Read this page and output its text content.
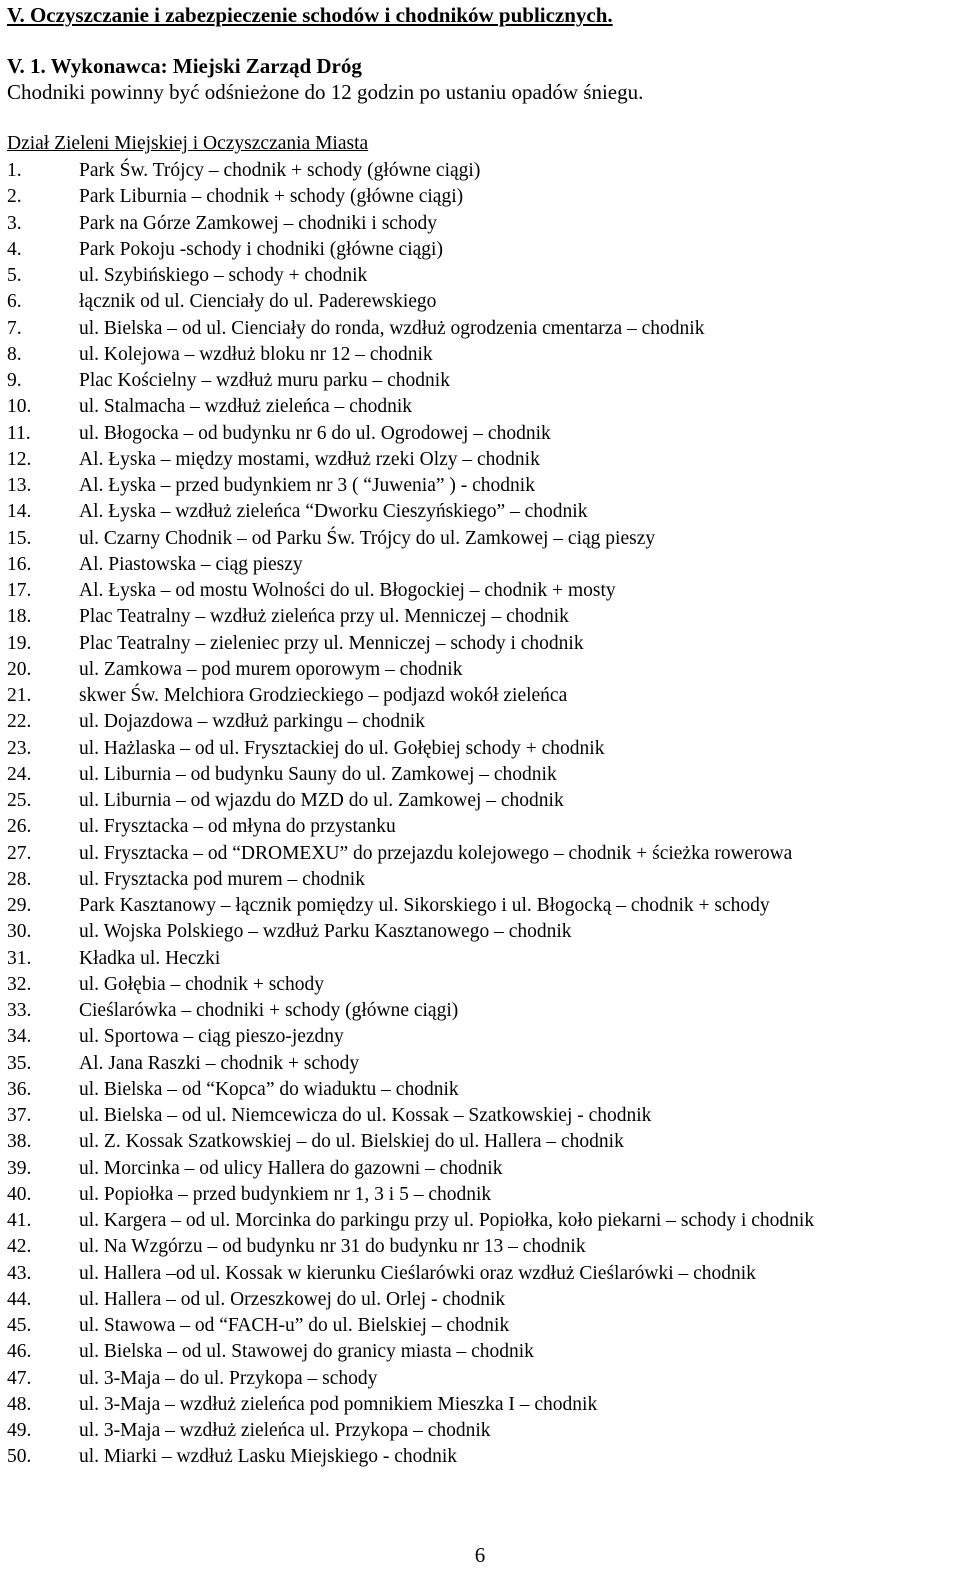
V. Oczyszczanie i zabezpieczenie schodów i chodników publicznych.
V. 1. Wykonawca: Miejski Zarząd Dróg
Chodniki powinny być odśnieżone do 12 godzin po ustaniu opadów śniegu.
Dział Zieleni Miejskiej i Oczyszczania Miasta
1.	Park Św. Trójcy – chodnik + schody (główne ciągi)
2.	Park Liburnia – chodnik + schody (główne ciągi)
3.	Park na Górze Zamkowej – chodniki i schody
4.	Park Pokoju -schody i chodniki (główne ciągi)
5.	ul. Szybińskiego – schody + chodnik
6.	łącznik od ul. Cienciały do ul. Paderewskiego
7.	ul. Bielska – od ul. Cienciały do ronda, wzdłuż ogrodzenia cmentarza – chodnik
8.	ul. Kolejowa – wzdłuż bloku nr 12 – chodnik
9.	Plac Kościelny – wzdłuż muru parku – chodnik
10. ul. Stalmacha – wzdłuż zieleńca – chodnik
11. ul. Błogocka – od budynku nr 6 do ul. Ogrodowej – chodnik
12. Al. Łyska – między mostami, wzdłuż rzeki Olzy – chodnik
13. Al. Łyska – przed budynkiem nr 3 ( “Juwenia” ) - chodnik
14. Al. Łyska – wzdłuż zieleńca “Dworku Cieszyńskiego” – chodnik
15. ul. Czarny Chodnik – od Parku Św. Trójcy do ul. Zamkowej – ciąg pieszy
16. Al. Piastowska – ciąg pieszy
17. Al. Łyska – od mostu Wolności do ul. Błogockiej – chodnik + mosty
18. Plac Teatralny – wzdłuż zieleńca przy ul. Menniczej – chodnik
19. Plac Teatralny – zieleniec przy ul. Menniczej – schody i chodnik
20. ul. Zamkowa – pod murem oporowym – chodnik
21. skwer Św. Melchiora Grodzieckiego – podjazd wokół zieleńca
22. ul. Dojazdowa – wzdłuż parkingu – chodnik
23. ul. Hażlaska – od ul. Frysztackiej do ul. Gołębiej schody + chodnik
24. ul. Liburnia – od budynku Sauny do ul. Zamkowej – chodnik
25. ul. Liburnia – od wjazdu do MZD do ul. Zamkowej – chodnik
26. ul. Frysztacka – od młyna do przystanku
27. ul. Frysztacka – od “DROMEXU” do przejazdu kolejowego – chodnik + ścieżka rowerowa
28. ul. Frysztacka pod murem – chodnik
29. Park Kasztanowy – łącznik pomiędzy ul. Sikorskiego i ul. Błogocką – chodnik + schody
30. ul. Wojska Polskiego – wzdłuż Parku Kasztanowego – chodnik
31. Kładka ul. Heczki
32. ul. Gołębia – chodnik + schody
33. Cieślarówka – chodniki + schody (główne ciągi)
34. ul. Sportowa – ciąg pieszo-jezdny
35. Al. Jana Raszki – chodnik + schody
36. ul. Bielska – od “Kopca” do wiaduktu – chodnik
37. ul. Bielska – od ul. Niemcewicza do ul. Kossak – Szatkowskiej - chodnik
38. ul. Z. Kossak Szatkowskiej – do ul. Bielskiej do ul. Hallera – chodnik
39. ul. Morcinka – od ulicy Hallera do gazowni – chodnik
40. ul. Popiołka – przed budynkiem nr 1, 3 i 5 – chodnik
41. ul. Kargera – od ul. Morcinka do parkingu przy ul. Popiołka, koło piekarni – schody i chodnik
42. ul. Na Wzgórzu – od budynku nr 31 do budynku nr 13 – chodnik
43. ul. Hallera –od ul. Kossak w kierunku Cieślarówki oraz wzdłuż Cieślarówki – chodnik
44. ul. Hallera – od ul. Orzeszkowej do ul. Orlej - chodnik
45. ul. Stawowa – od “FACH-u” do ul. Bielskiej – chodnik
46. ul. Bielska – od ul. Stawowej do granicy miasta – chodnik
47. ul. 3-Maja – do ul. Przykopa – schody
48. ul. 3-Maja – wzdłuż zieleńca pod pomnikiem Mieszka I – chodnik
49. ul. 3-Maja – wzdłuż zieleńca ul. Przykopa – chodnik
50. ul. Miarki – wzdłuż Lasku Miejskiego - chodnik
6
